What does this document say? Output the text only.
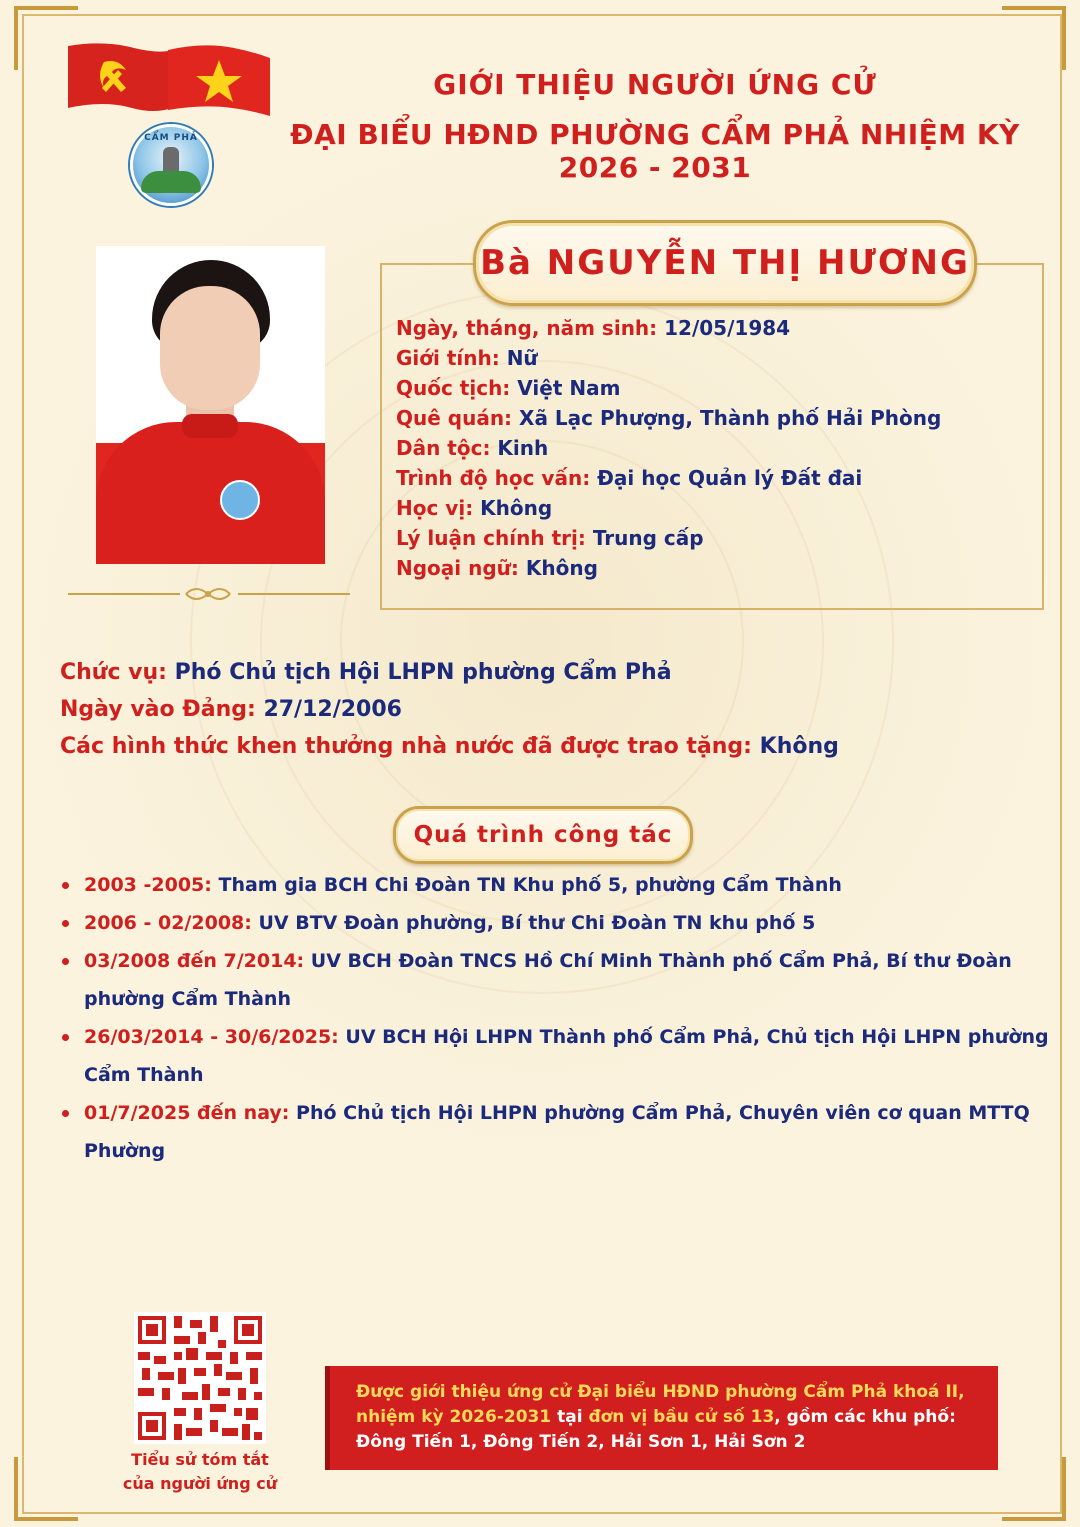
CẨM PHẢ
GIỚI THIỆU NGƯỜI ỨNG CỬ
ĐẠI BIỂU HĐND PHƯỜNG CẨM PHẢ NHIỆM KỲ 2026 - 2031
Bà NGUYỄN THỊ HƯƠNG
Ngày, tháng, năm sinh: 12/05/1984
Giới tính: Nữ
Quốc tịch: Việt Nam
Quê quán: Xã Lạc Phượng, Thành phố Hải Phòng
Dân tộc: Kinh
Trình độ học vấn: Đại học Quản lý Đất đai
Học vị: Không
Lý luận chính trị: Trung cấp
Ngoại ngữ: Không
Chức vụ: Phó Chủ tịch Hội LHPN phường Cẩm Phả
Ngày vào Đảng: 27/12/2006
Các hình thức khen thưởng nhà nước đã được trao tặng: Không
Quá trình công tác
2003 -2005: Tham gia BCH Chi Đoàn TN Khu phố 5, phường Cẩm Thành
2006 - 02/2008: UV BTV Đoàn phường, Bí thư Chi Đoàn TN khu phố 5
03/2008 đến 7/2014: UV BCH Đoàn TNCS Hồ Chí Minh Thành phố Cẩm Phả, Bí thư Đoàn phường Cẩm Thành
26/03/2014 - 30/6/2025: UV BCH Hội LHPN Thành phố Cẩm Phả, Chủ tịch Hội LHPN phường Cẩm Thành
01/7/2025 đến nay: Phó Chủ tịch Hội LHPN phường Cẩm Phả, Chuyên viên cơ quan MTTQ Phường
Tiểu sử tóm tắt
của người ứng cử
Được giới thiệu ứng cử Đại biểu HĐND phường Cẩm Phả khoá II,
nhiệm kỳ 2026-2031 tại đơn vị bầu cử số 13, gồm các khu phố:
Đông Tiến 1, Đông Tiến 2, Hải Sơn 1, Hải Sơn 2
